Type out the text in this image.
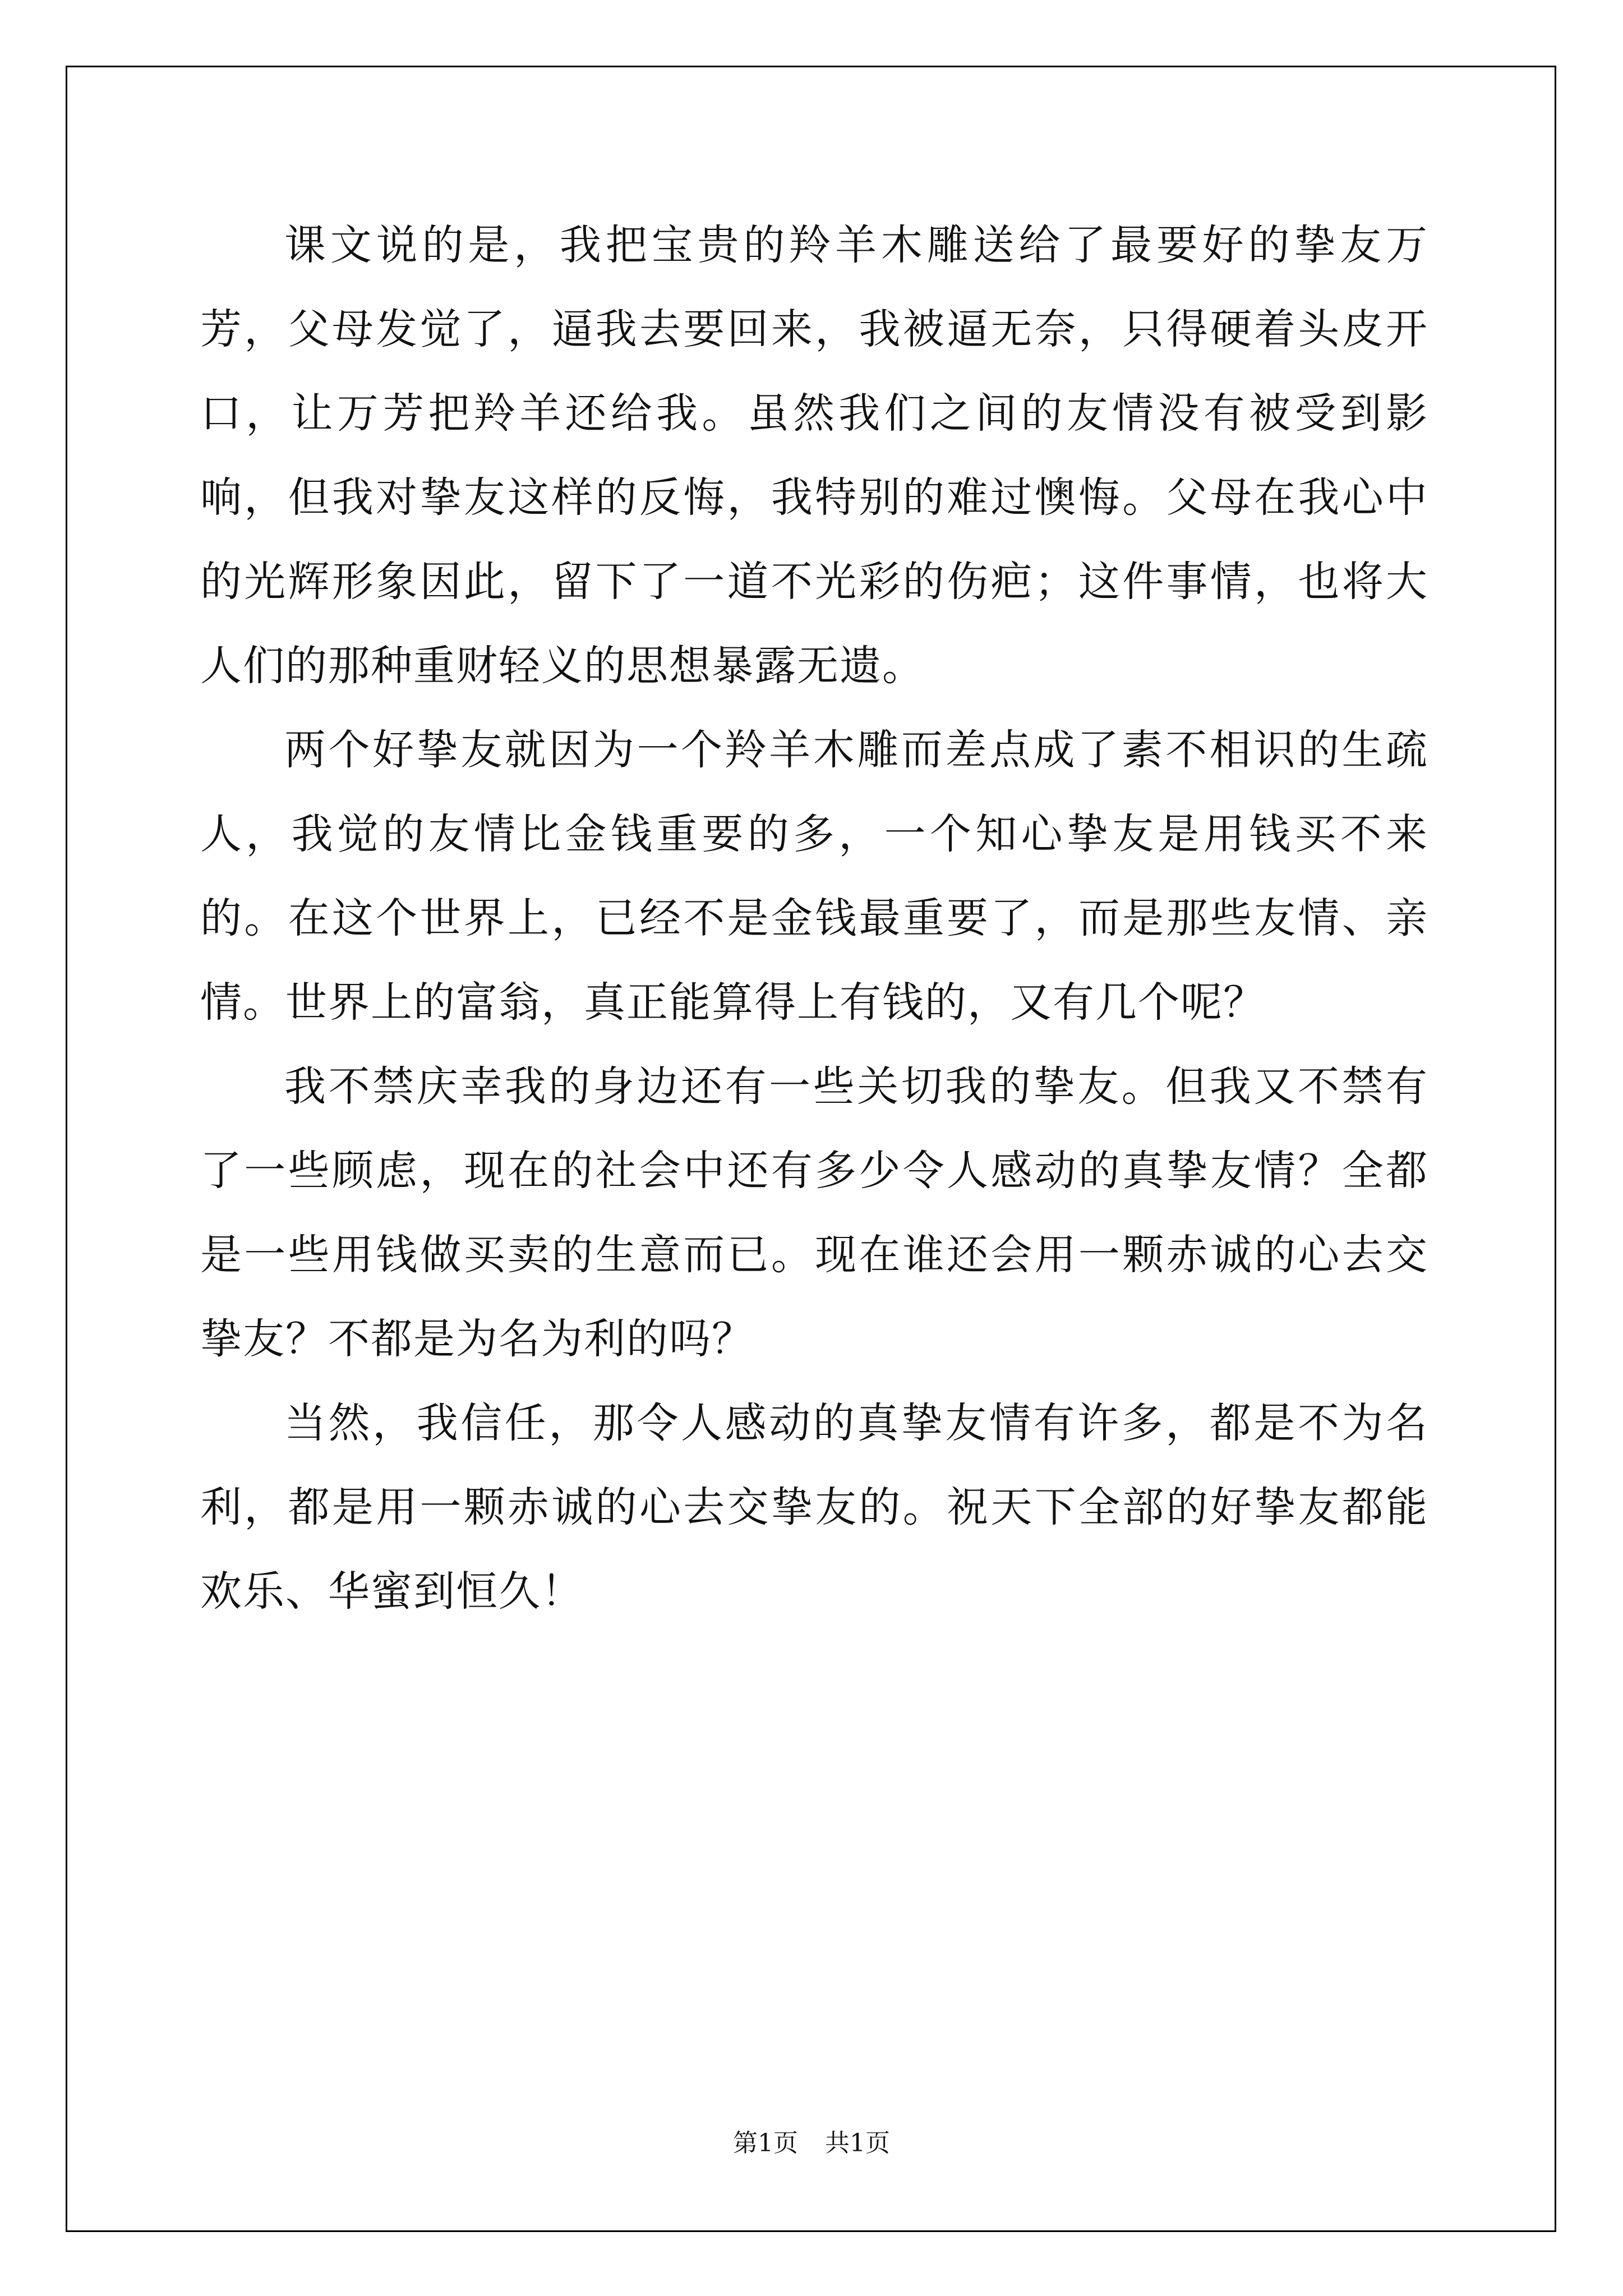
课文说的是，我把宝贵的羚羊木雕送给了最要好的挚友万芳，父母发觉了，逼我去要回来，我被逼无奈，只得硬着头皮开口，让万芳把羚羊还给我。虽然我们之间的友情没有被受到影响，但我对挚友这样的反悔，我特别的难过懊悔。父母在我心中的光辉形象因此，留下了一道不光彩的伤疤；这件事情，也将大人们的那种重财轻义的思想暴露无遗。

两个好挚友就因为一个羚羊木雕而差点成了素不相识的生疏人，我觉的友情比金钱重要的多，一个知心挚友是用钱买不来的。在这个世界上，已经不是金钱最重要了，而是那些友情、亲情。世界上的富翁，真正能算得上有钱的，又有几个呢？

我不禁庆幸我的身边还有一些关切我的挚友。但我又不禁有了一些顾虑，现在的社会中还有多少令人感动的真挚友情？全都是一些用钱做买卖的生意而已。现在谁还会用一颗赤诚的心去交挚友？不都是为名为利的吗？

当然，我信任，那令人感动的真挚友情有许多，都是不为名利，都是用一颗赤诚的心去交挚友的。祝天下全部的好挚友都能欢乐、华蜜到恒久！

第1页 共1页
